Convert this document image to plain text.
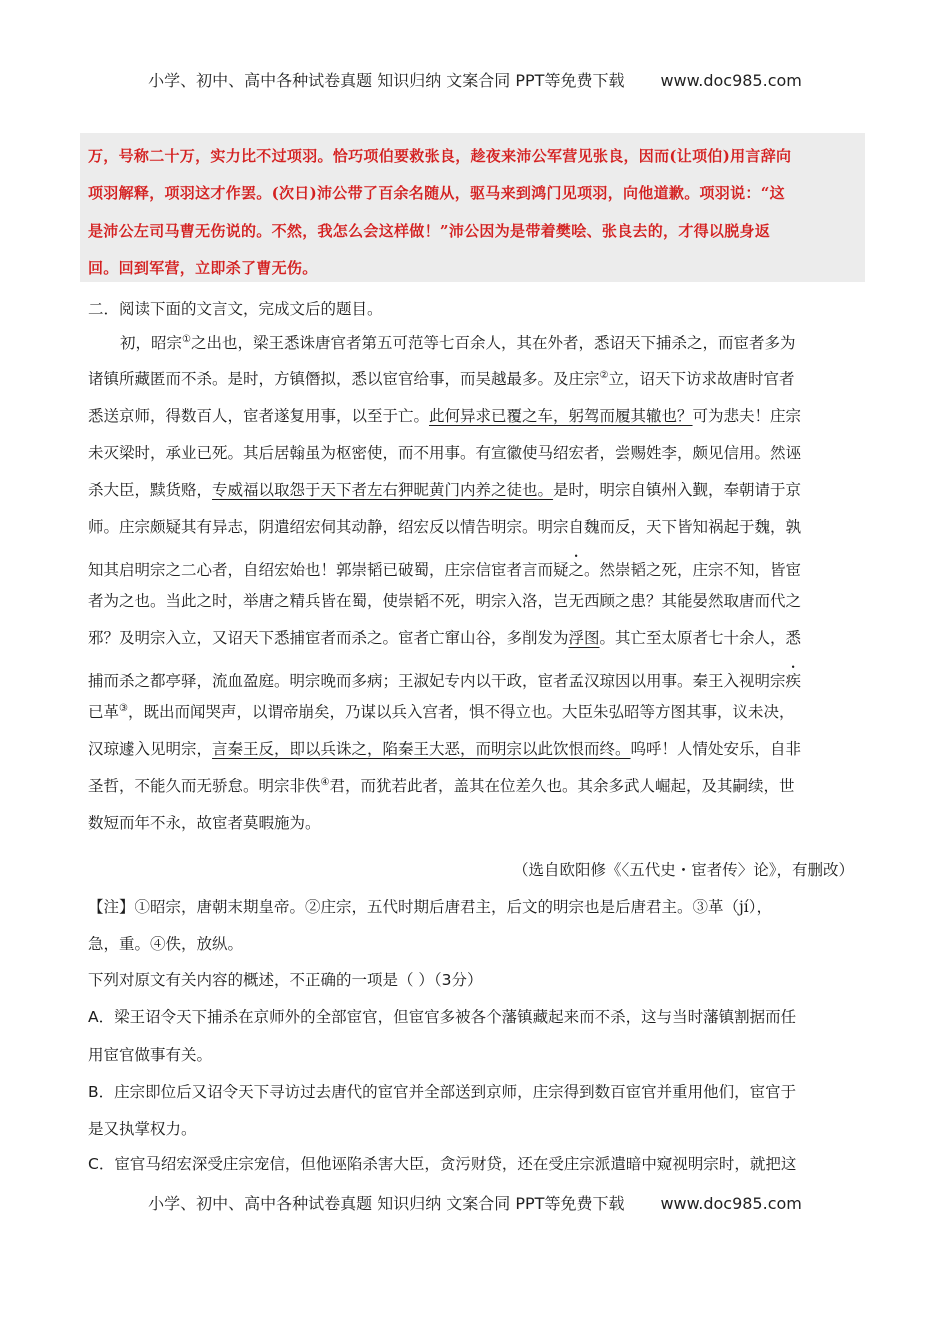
小学、初中、高中各种试卷真题 知识归纳 文案合同 PPT等免费下载 www.doc985.com
万，号称二十万，实力比不过项羽。恰巧项伯要救张良，趁夜来沛公军营见张良，因而(让项伯)用言辞向
项羽解释，项羽这才作罢。(次日)沛公带了百余名随从，驱马来到鸿门见项羽，向他道歉。项羽说：“这
是沛公左司马曹无伤说的。不然，我怎么会这样做！”沛公因为是带着樊哙、张良去的，才得以脱身返
回。回到军营，立即杀了曹无伤。
二．阅读下面的文言文，完成文后的题目。
初，昭宗①之出也，梁王悉诛唐官者第五可范等七百余人，其在外者，悉诏天下捕杀之，而宦者多为
诸镇所藏匿而不杀。是时，方镇僭拟，悉以宦官给事，而吴越最多。及庄宗②立，诏天下访求故唐时官者
悉送京师，得数百人，宦者遂复用事，以至于亡。此何异求已覆之车，躬驾而履其辙也？可为悲夫！庄宗
未灭梁时，承业已死。其后居翰虽为枢密使，而不用事。有宣徽使马绍宏者，尝赐姓李，颇见信用。然诬
杀大臣，黩货赂，专威福以取怨于天下者左右狎昵黄门内养之徒也。是时，明宗自镇州入觐，奉朝请于京
师。庄宗颇疑其有异志，阴遣绍宏伺其动静，绍宏反以情告明宗。明宗自魏而反，天下皆知祸起于魏，孰
知其启明宗之二心者，自绍宏始也！郭崇韬已破蜀，庄宗信宦者言而疑之。然崇韬之死，庄宗不知，皆宦
者为之也。当此之时，举唐之精兵皆在蜀，使崇韬不死，明宗入洛，岂无西顾之患？其能晏然取唐而代之
邪？及明宗入立，又诏天下悉捕宦者而杀之。宦者亡窜山谷，多削发为浮图。其亡至太原者七十余人，悉
捕而杀之都亭驿，流血盈庭。明宗晚而多病；王淑妃专内以干政，宦者孟汉琼因以用事。秦王入视明宗疾
已革③，既出而闻哭声，以谓帝崩矣，乃谋以兵入宫者，惧不得立也。大臣朱弘昭等方图其事，议未决，
汉琼遽入见明宗，言秦王反，即以兵诛之，陷秦王大恶，而明宗以此饮恨而终。呜呼！人情处安乐，自非
圣哲，不能久而无骄怠。明宗非佚④君，而犹若此者，盖其在位差久也。其余多武人崛起，及其嗣续，世
数短而年不永，故宦者莫暇施为。
（选自欧阳修《〈五代史・宦者传〉论》，有删改）
【注】①昭宗，唐朝末期皇帝。②庄宗，五代时期后唐君主，后文的明宗也是后唐君主。③革（jí），
急，重。④佚，放纵。
下列对原文有关内容的概述，不正确的一项是（ ）（3分）
A．梁王诏令天下捕杀在京师外的全部宦官，但宦官多被各个藩镇藏起来而不杀，这与当时藩镇割据而任
用宦官做事有关。
B．庄宗即位后又诏令天下寻访过去唐代的宦官并全部送到京师，庄宗得到数百宦官并重用他们，宦官于
是又执掌权力。
C．宦官马绍宏深受庄宗宠信，但他诬陷杀害大臣，贪污财贷，还在受庄宗派遣暗中窥视明宗时，就把这
小学、初中、高中各种试卷真题 知识归纳 文案合同 PPT等免费下载 www.doc985.com
